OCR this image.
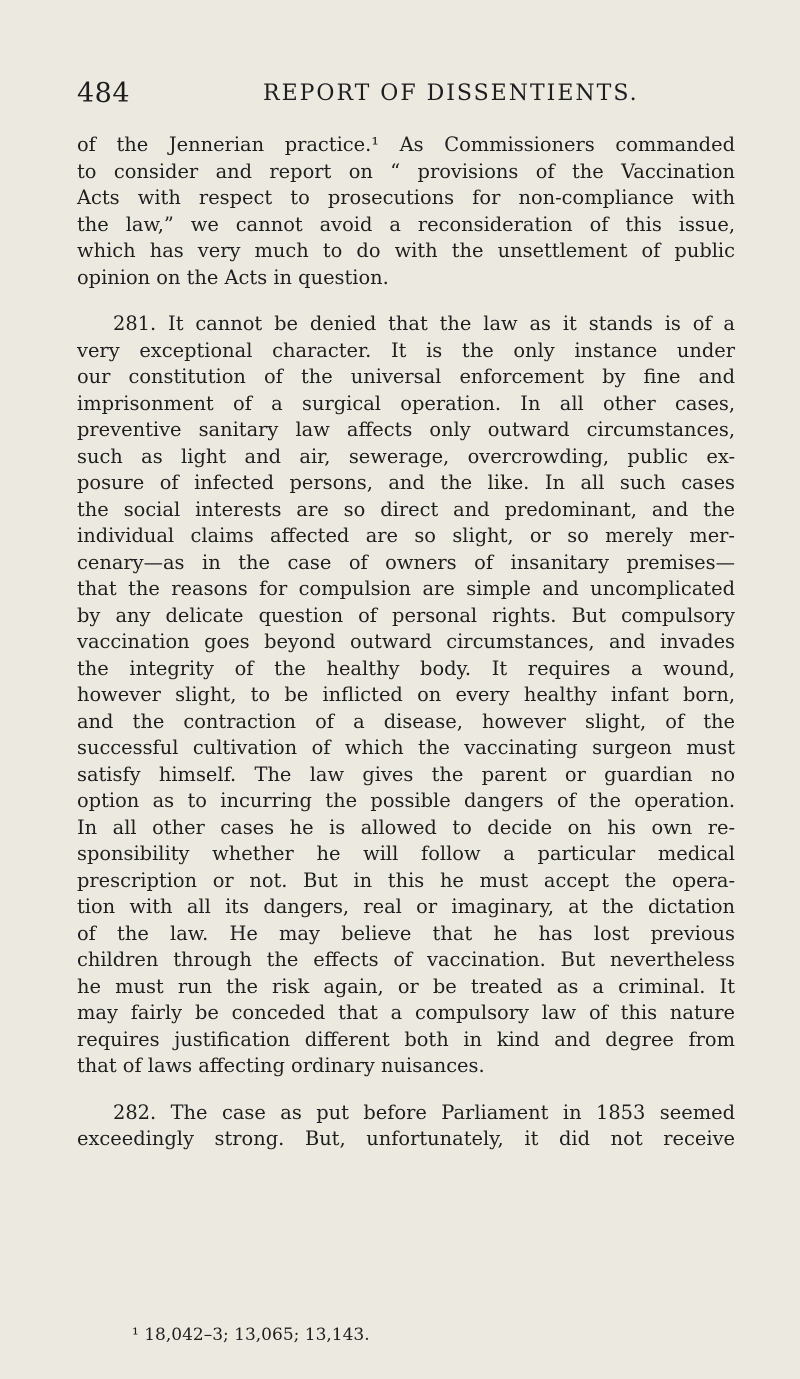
484	REPORT OF DISSENTIENTS.
of the Jennerian practice.¹ As Commissioners commanded
to consider and report on “ provisions of the Vaccination
Acts with respect to prosecutions for non-compliance with
the law,” we cannot avoid a reconsideration of this issue,
which has very much to do with the unsettlement of public
opinion on the Acts in question.
281. It cannot be denied that the law as it stands is of a
very exceptional character. It is the only instance under
our constitution of the universal enforcement by fine and
imprisonment of a surgical operation. In all other cases,
preventive sanitary law affects only outward circumstances,
such as light and air, sewerage, overcrowding, public ex-
posure of infected persons, and the like. In all such cases
the social interests are so direct and predominant, and the
individual claims affected are so slight, or so merely mer-
cenary—as in the case of owners of insanitary premises—
that the reasons for compulsion are simple and uncomplicated
by any delicate question of personal rights. But compulsory
vaccination goes beyond outward circumstances, and invades
the integrity of the healthy body. It requires a wound,
however slight, to be inflicted on every healthy infant born,
and the contraction of a disease, however slight, of the
successful cultivation of which the vaccinating surgeon must
satisfy himself. The law gives the parent or guardian no
option as to incurring the possible dangers of the operation.
In all other cases he is allowed to decide on his own re-
sponsibility whether he will follow a particular medical
prescription or not. But in this he must accept the opera-
tion with all its dangers, real or imaginary, at the dictation
of the law. He may believe that he has lost previous
children through the effects of vaccination. But nevertheless
he must run the risk again, or be treated as a criminal. It
may fairly be conceded that a compulsory law of this nature
requires justification different both in kind and degree from
that of laws affecting ordinary nuisances.
282. The case as put before Parliament in 1853 seemed
exceedingly strong. But, unfortunately, it did not receive
¹ 18,042–3; 13,065; 13,143.
